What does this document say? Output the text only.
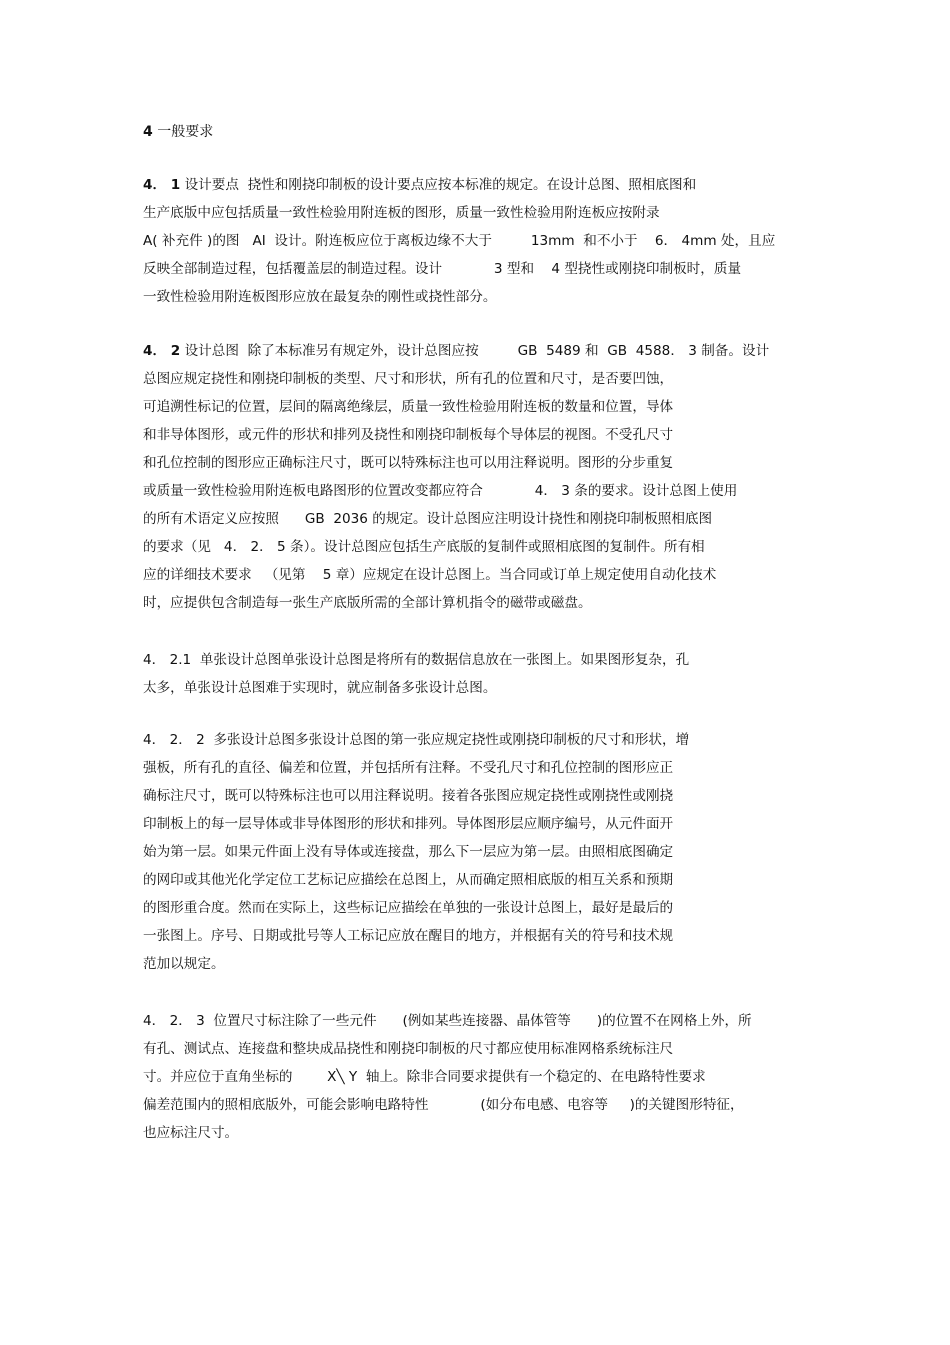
4 一般要求
4． 1 设计要点  挠性和刚挠印制板的设计要点应按本标准的规定。在设计总图、照相底图和
生产底版中应包括质量一致性检验用附连板的图形，质量一致性检验用附连板应按附录
A( 补充件 )的图   AI  设计。附连板应位于离板边缘不大于         13mm  和不小于    6． 4mm 处，且应
反映全部制造过程，包括覆盖层的制造过程。设计            3 型和    4 型挠性或刚挠印制板时，质量
一致性检验用附连板图形应放在最复杂的刚性或挠性部分。
4． 2 设计总图  除了本标准另有规定外，设计总图应按         GB  5489 和  GB  4588． 3 制备。设计
总图应规定挠性和刚挠印制板的类型、尺寸和形状，所有孔的位置和尺寸，是否要凹蚀，
可追溯性标记的位置，层间的隔离绝缘层，质量一致性检验用附连板的数量和位置，导体
和非导体图形，或元件的形状和排列及挠性和刚挠印制板每个导体层的视图。不受孔尺寸
和孔位控制的图形应正确标注尺寸，既可以特殊标注也可以用注释说明。图形的分步重复
或质量一致性检验用附连板电路图形的位置改变都应符合            4． 3 条的要求。设计总图上使用
的所有术语定义应按照      GB  2036 的规定。设计总图应注明设计挠性和刚挠印制板照相底图
的要求（见   4． 2． 5 条）。设计总图应包括生产底版的复制件或照相底图的复制件。所有相
应的详细技术要求   （见第    5 章）应规定在设计总图上。当合同或订单上规定使用自动化技术
时，应提供包含制造每一张生产底版所需的全部计算机指令的磁带或磁盘。
4． 2.1  单张设计总图单张设计总图是将所有的数据信息放在一张图上。如果图形复杂，孔
太多，单张设计总图难于实现时，就应制备多张设计总图。
4． 2． 2  多张设计总图多张设计总图的第一张应规定挠性或刚挠印制板的尺寸和形状，增
强板，所有孔的直径、偏差和位置，并包括所有注释。不受孔尺寸和孔位控制的图形应正
确标注尺寸，既可以特殊标注也可以用注释说明。接着各张图应规定挠性或刚挠性或刚挠
印制板上的每一层导体或非导体图形的形状和排列。导体图形层应顺序编号，从元件面开
始为第一层。如果元件面上没有导体或连接盘，那么下一层应为第一层。由照相底图确定
的网印或其他光化学定位工艺标记应描绘在总图上，从而确定照相底版的相互关系和预期
的图形重合度。然而在实际上，这些标记应描绘在单独的一张设计总图上，最好是最后的
一张图上。序号、日期或批号等人工标记应放在醒目的地方，并根据有关的符号和技术规
范加以规定。
4． 2． 3  位置尺寸标注除了一些元件      (例如某些连接器、晶体管等      )的位置不在网格上外，所
有孔、测试点、连接盘和整块成品挠性和刚挠印制板的尺寸都应使用标准网格系统标注尺
寸。并应位于直角坐标的        X╲ Y  轴上。除非合同要求提供有一个稳定的、在电路特性要求
偏差范围内的照相底版外，可能会影响电路特性            (如分布电感、电容等     )的关键图形特征，
也应标注尺寸。
